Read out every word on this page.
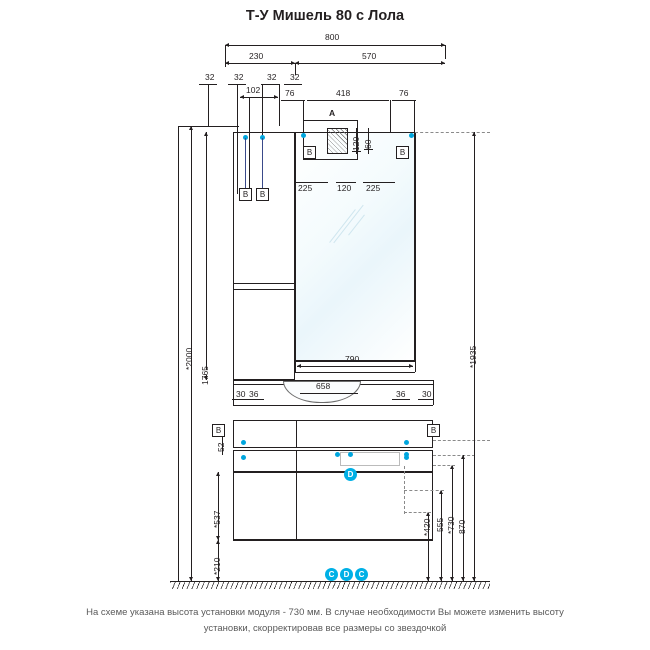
Т-У Мишель 80 с Лола
800
230	570
32 32	32 32
102	76	418	76
A
B	B
B	B
225	120 225
790
30 36
658
36 30
B	B
D
C	D	C
*2000
1765
*537
*210
52
*1935
870
*730
555
*420
На схеме указана высота установки модуля - 730 мм. В случае необходимости Вы можете изменить высоту установки, скорректировав все размеры со звездочкой
